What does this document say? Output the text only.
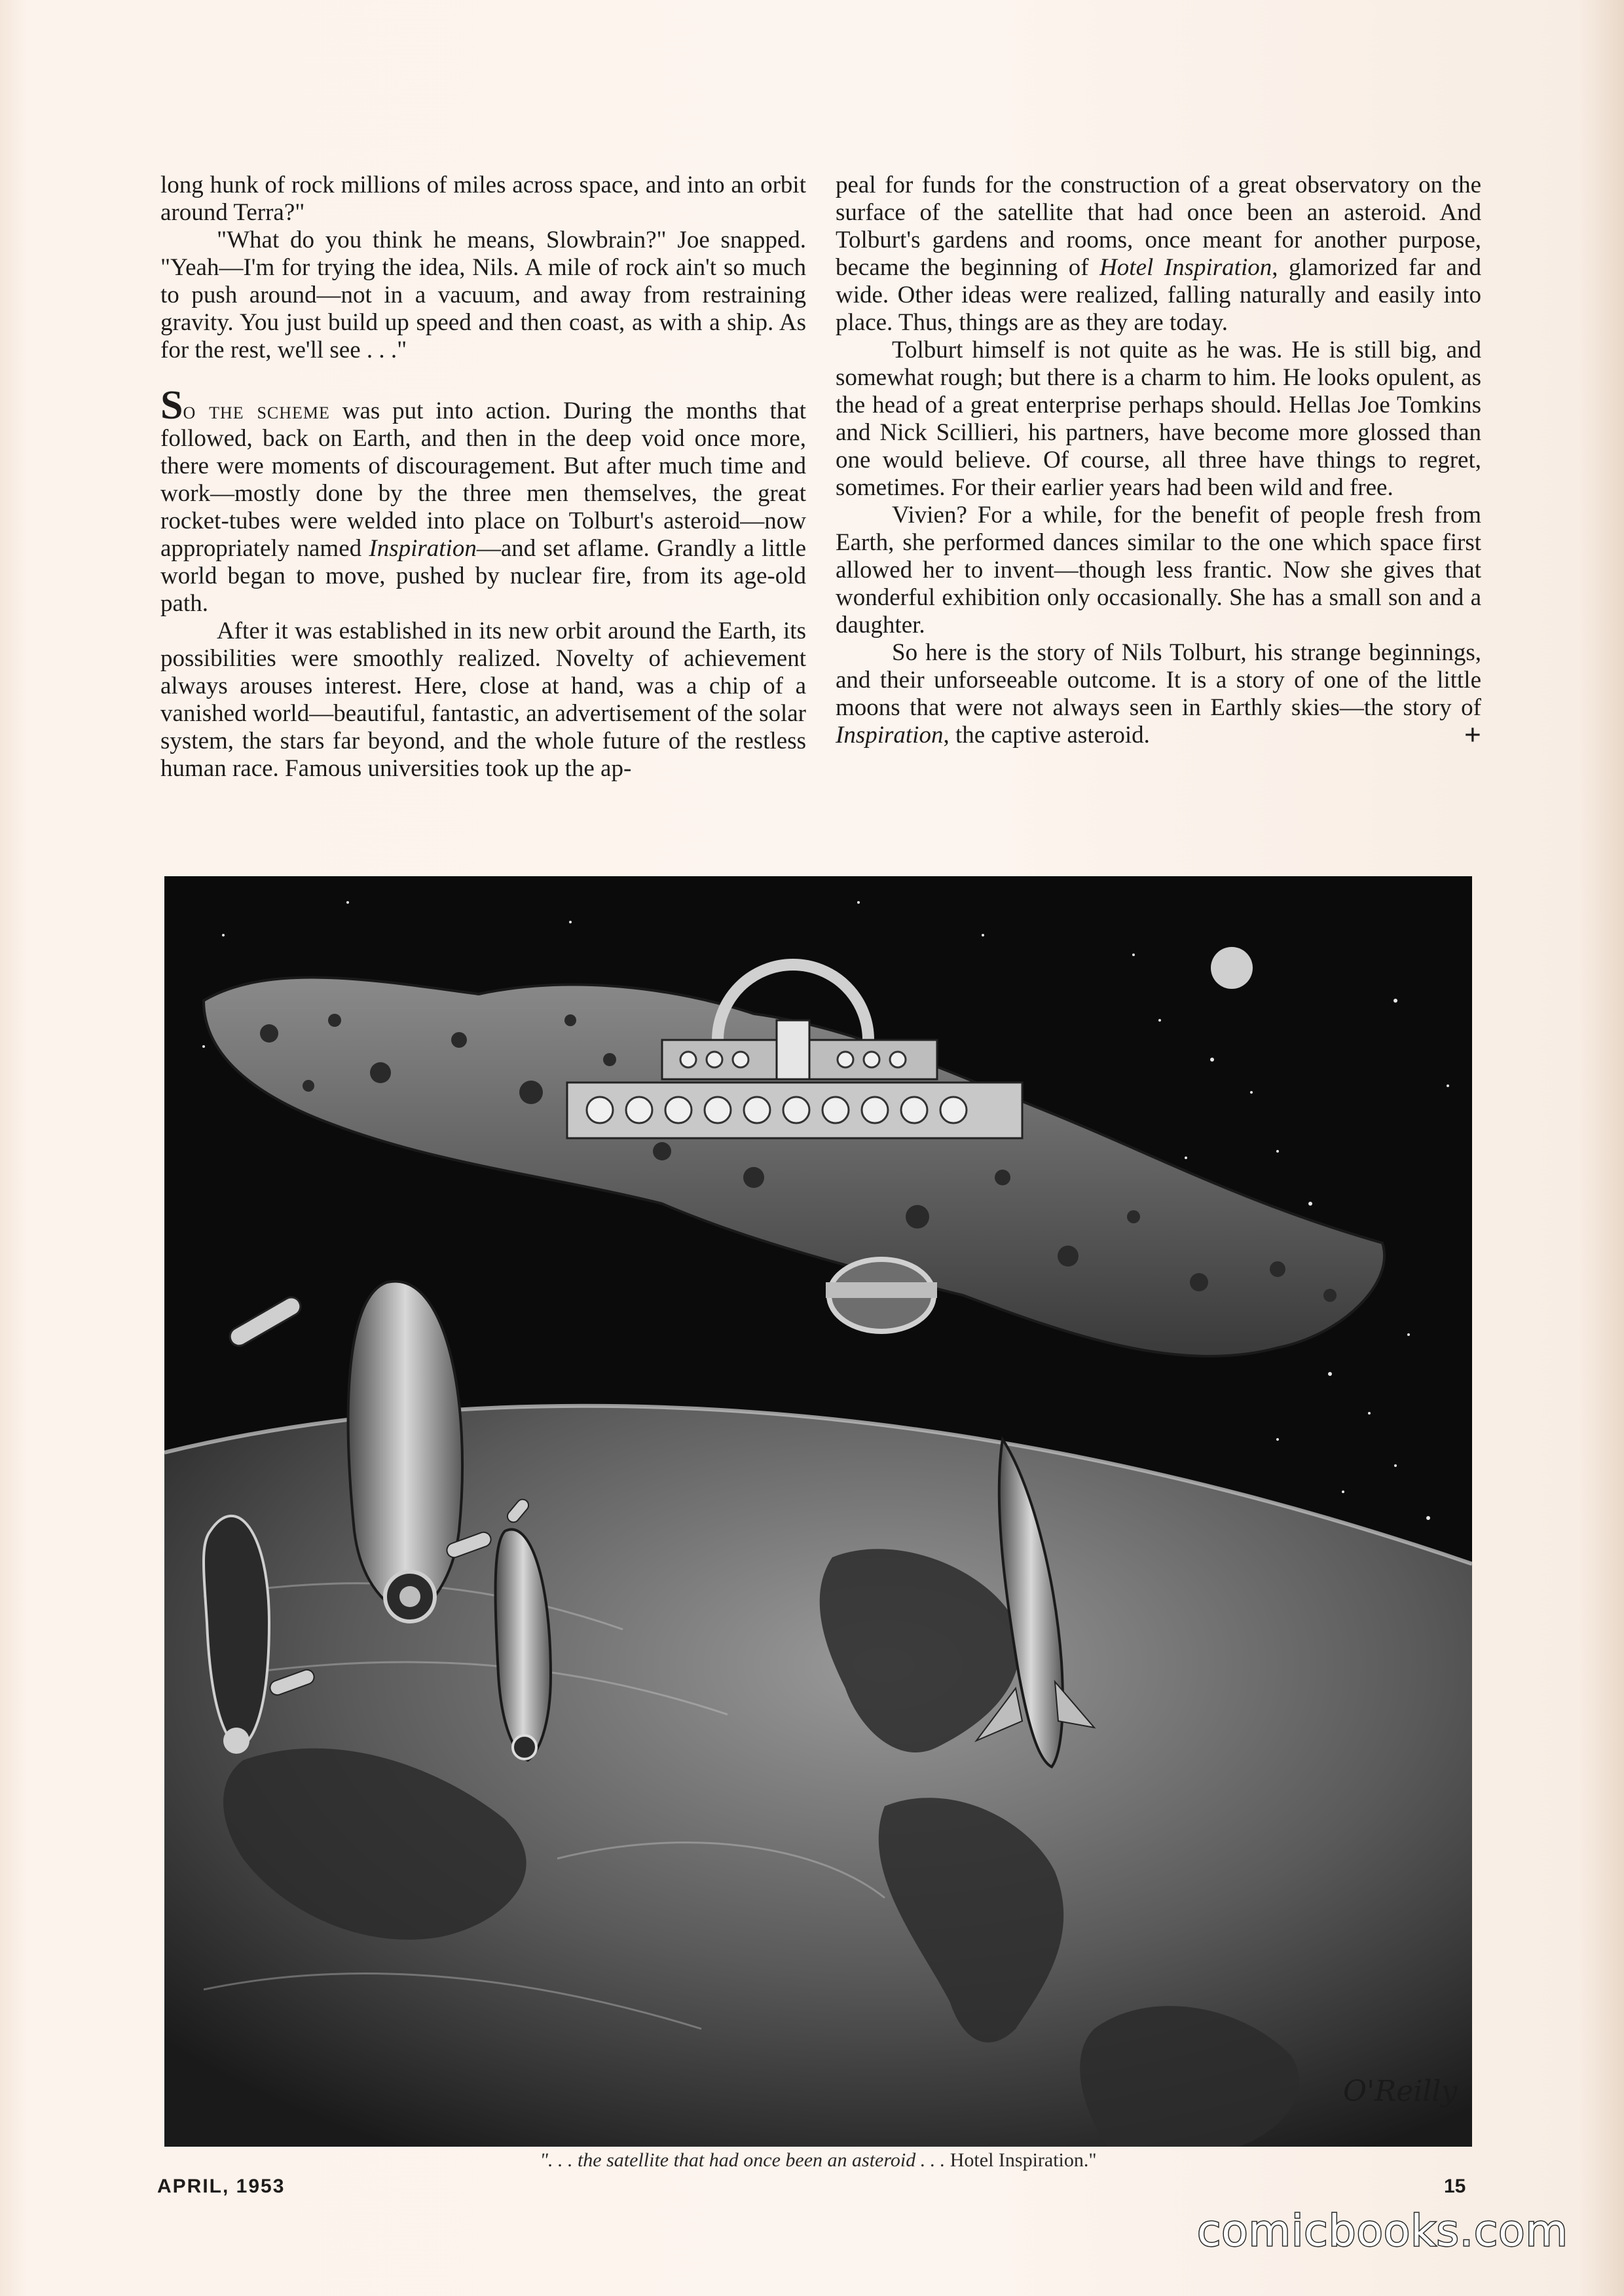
long hunk of rock millions of miles across space, and into an orbit around Terra?"

"What do you think he means, Slowbrain?" Joe snapped. "Yeah—I'm for trying the idea, Nils. A mile of rock ain't so much to push around—not in a vacuum, and away from restraining gravity. You just build up speed and then coast, as with a ship. As for the rest, we'll see . . ."

So the scheme was put into action. During the months that followed, back on Earth, and then in the deep void once more, there were moments of discouragement. But after much time and work—mostly done by the three men themselves, the great rocket-tubes were welded into place on Tolburt's asteroid—now appropriately named Inspiration—and set aflame. Grandly a little world began to move, pushed by nuclear fire, from its age-old path.

After it was established in its new orbit around the Earth, its possibilities were smoothly realized. Novelty of achievement always arouses interest. Here, close at hand, was a chip of a vanished world—beautiful, fantastic, an advertisement of the solar system, the stars far beyond, and the whole future of the restless human race. Famous universities took up the ap-

peal for funds for the construction of a great observatory on the surface of the satellite that had once been an asteroid. And Tolburt's gardens and rooms, once meant for another purpose, became the beginning of Hotel Inspiration, glamorized far and wide. Other ideas were realized, falling naturally and easily into place. Thus, things are as they are today.

Tolburt himself is not quite as he was. He is still big, and somewhat rough; but there is a charm to him. He looks opulent, as the head of a great enterprise perhaps should. Hellas Joe Tomkins and Nick Scillieri, his partners, have become more glossed than one would believe. Of course, all three have things to regret, sometimes. For their earlier years had been wild and free.

Vivien? For a while, for the benefit of people fresh from Earth, she performed dances similar to the one which space first allowed her to invent—though less frantic. Now she gives that wonderful exhibition only occasionally. She has a small son and a daughter.

So here is the story of Nils Tolburt, his strange beginnings, and their unforseeable outcome. It is a story of one of the little moons that were not always seen in Earthly skies—the story of Inspiration, the captive asteroid.	+

O'Reilly
". . . the satellite that had once been an asteroid . . . Hotel Inspiration."
APRIL, 1953	15
comicbooks.com
